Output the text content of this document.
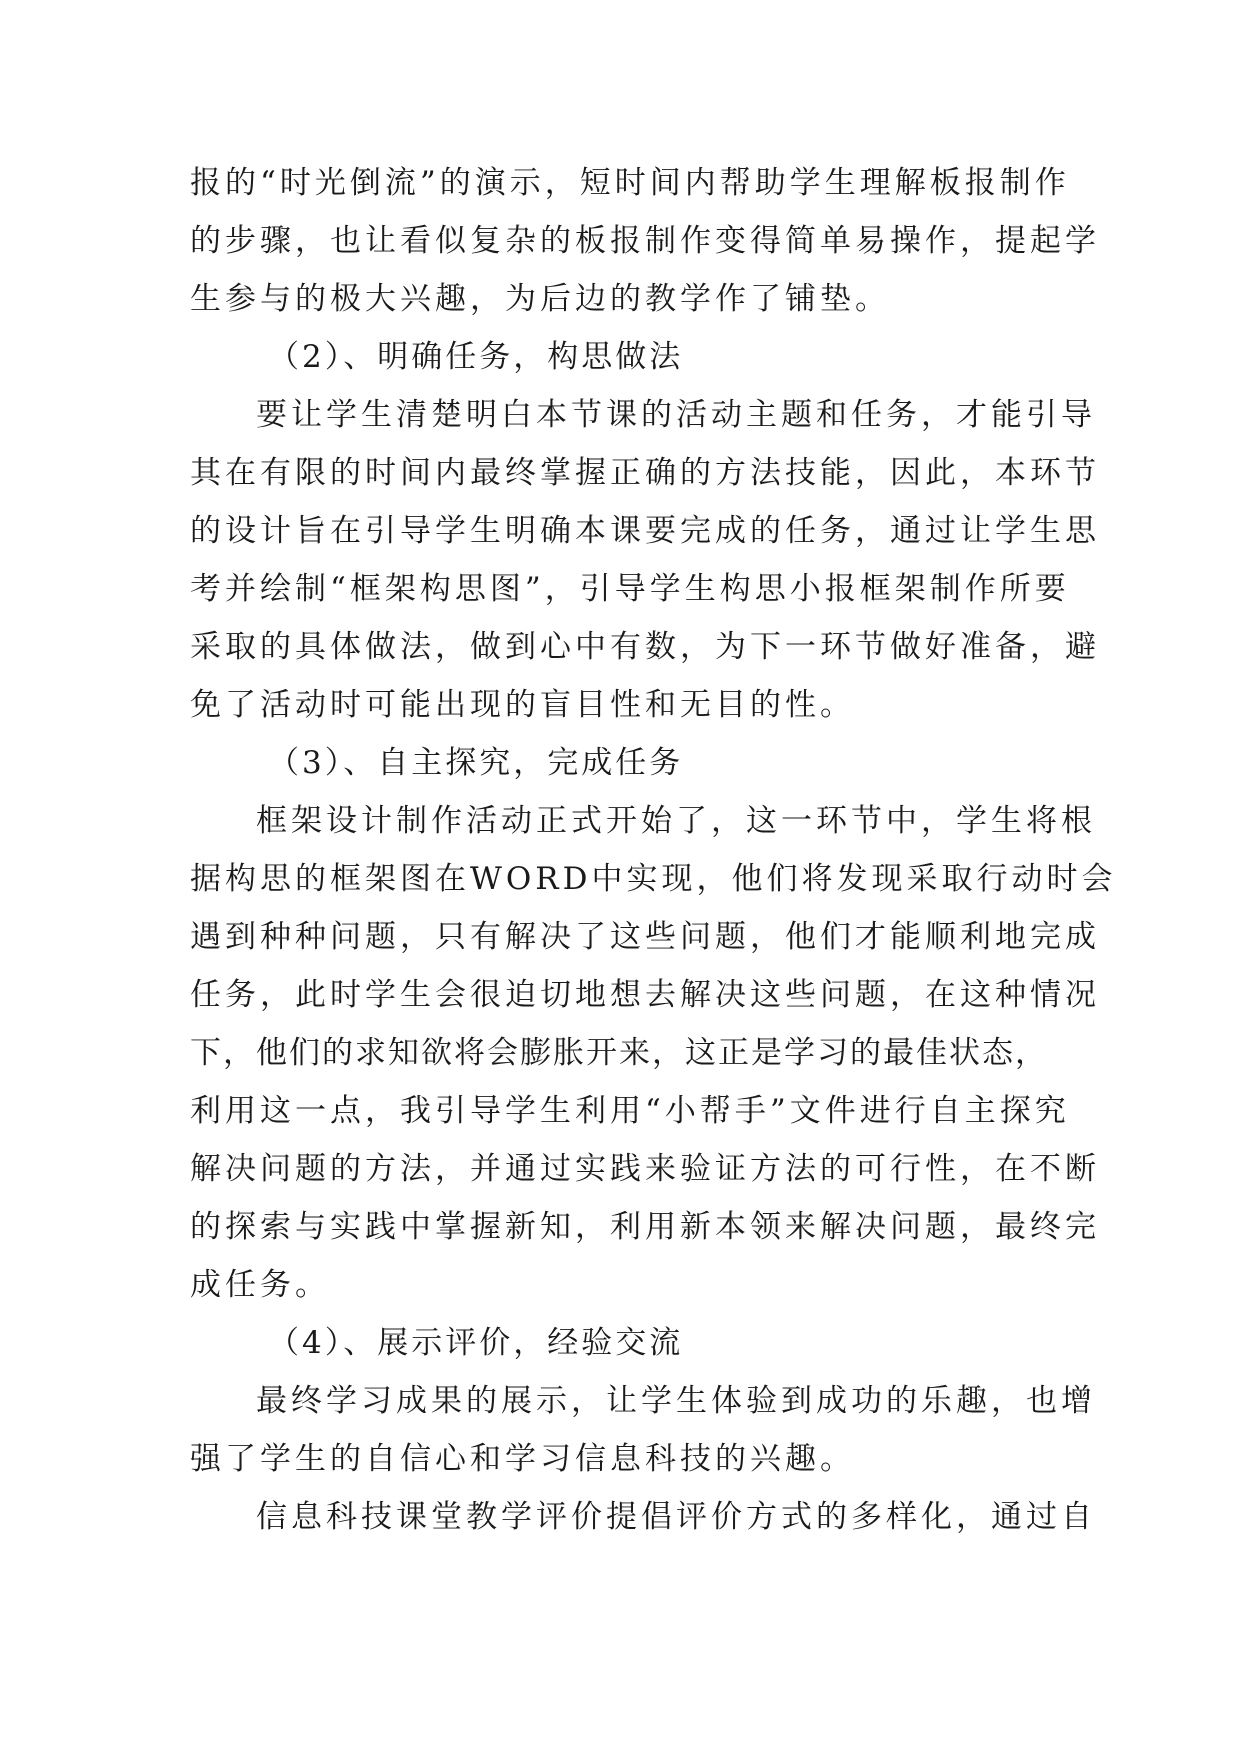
报的“时光倒流”的演示，短时间内帮助学生理解板报制作
的步骤，也让看似复杂的板报制作变得简单易操作，提起学
生参与的极大兴趣，为后边的教学作了铺垫。
（2）、明确任务，构思做法
要让学生清楚明白本节课的活动主题和任务，才能引导
其在有限的时间内最终掌握正确的方法技能，因此，本环节
的设计旨在引导学生明确本课要完成的任务，通过让学生思
考并绘制“框架构思图”，引导学生构思小报框架制作所要
采取的具体做法，做到心中有数，为下一环节做好准备，避
免了活动时可能出现的盲目性和无目的性。
（3）、自主探究，完成任务
框架设计制作活动正式开始了，这一环节中，学生将根
据构思的框架图在WORD中实现，他们将发现采取行动时会
遇到种种问题，只有解决了这些问题，他们才能顺利地完成
任务，此时学生会很迫切地想去解决这些问题，在这种情况
下，他们的求知欲将会膨胀开来，这正是学习的最佳状态，
利用这一点，我引导学生利用“小帮手”文件进行自主探究
解决问题的方法，并通过实践来验证方法的可行性，在不断
的探索与实践中掌握新知，利用新本领来解决问题，最终完
成任务。
（4）、展示评价，经验交流
最终学习成果的展示，让学生体验到成功的乐趣，也增
强了学生的自信心和学习信息科技的兴趣。
信息科技课堂教学评价提倡评价方式的多样化，通过自
